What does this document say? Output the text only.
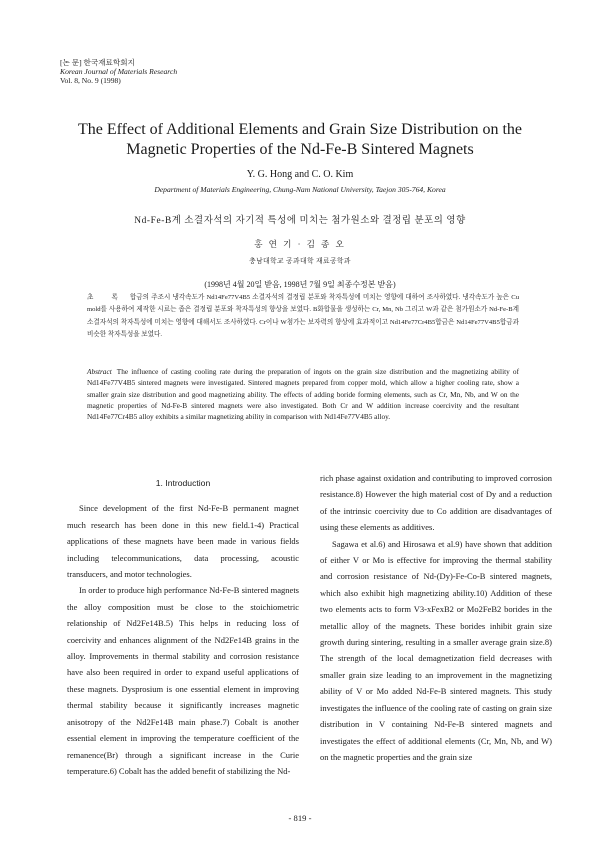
[논 문] 한국재료학회지
Korean Journal of Materials Research
Vol. 8, No. 9 (1998)
The Effect of Additional Elements and Grain Size Distribution on the
Magnetic Properties of the Nd-Fe-B Sintered Magnets
Y. G. Hong and C. O. Kim
Department of Materials Engineering, Chung-Nam National University, Taejon 305-764, Korea
Nd-Fe-B계 소결자석의 자기적 특성에 미치는 첨가원소와 결정립 분포의 영향
홍 연 기 · 김 종 오
충남대학교 공과대학 재료공학과
(1998년 4월 20일 받음, 1998년 7월 9일 최종수정본 받음)
초 록 합금의 주조시 냉각속도가 Nd14Fe77V4B5 소결자석의 결정립 분포와 착자특성에 미치는 영향에 대하여 조사하였다. 냉각속도가 높은 Cu mold를 사용하여 제작한 시료는 좁은 결정립 분포와 착자특성의 향상을 보였다. B화합물을 생성하는 Cr, Mn, Nb 그리고 W과 같은 첨가원소가 Nd-Fe-B계 소결자석의 착자특성에 미치는 영향에 대해서도 조사하였다. Cr이나 W첨가는 보자력의 향상에 효과적이고 Nd14Fe77Cr4B5합금은 Nd14Fe77V4B5합금과 비슷한 착자특성을 보였다.
Abstract The influence of casting cooling rate during the preparation of ingots on the grain size distribution and the magnetizing ability of Nd14Fe77V4B5 sintered magnets were investigated. Sintered magnets prepared from copper mold, which allow a higher cooling rate, show a smaller grain size distribution and good magnetizing ability. The effects of adding boride forming elements, such as Cr, Mn, Nb, and W on the magnetic properties of Nd-Fe-B sintered magnets were also investigated. Both Cr and W addition increase coercivity and the resultant Nd14Fe77Cr4B5 alloy exhibits a similar magnetizing ability in comparison with Nd14Fe77V4B5 alloy.
1. Introduction

Since development of the first Nd-Fe-B permanent magnet much research has been done in this new field.1-4) Practical applications of these magnets have been made in various fields including telecommunications, data processing, acoustic transducers, and motor technologies.

In order to produce high performance Nd-Fe-B sintered magnets the alloy composition must be close to the stoichiometric relationship of Nd2Fe14B.5) This helps in reducing loss of coercivity and enhances alignment of the Nd2Fe14B grains in the alloy. Improvements in thermal stability and corrosion resistance have also been required in order to expand useful applications of these magnets. Dysprosium is one essential element in improving thermal stability because it significantly increases magnetic anisotropy of the Nd2Fe14B main phase.7) Cobalt is another essential element in improving the temperature coefficient of the remanence(Br) through a significant increase in the Curie temperature.6) Cobalt has the added benefit of stabilizing the Nd-

rich phase against oxidation and contributing to improved corrosion resistance.8) However the high material cost of Dy and a reduction of the intrinsic coercivity due to Co addition are disadvantages of using these elements as additives.

Sagawa et al.6) and Hirosawa et al.9) have shown that addition of either V or Mo is effective for improving the thermal stability and corrosion resistance of Nd-(Dy)-Fe-Co-B sintered magnets, which also exhibit high magnetizing ability.10) Addition of these two elements acts to form V3-xFexB2 or Mo2FeB2 borides in the metallic alloy of the magnets. These borides inhibit grain size growth during sintering, resulting in a smaller average grain size.8) The strength of the local demagnetization field decreases with smaller grain size leading to an improvement in the magnetizing ability of V or Mo added Nd-Fe-B sintered magnets. This study investigates the influence of the cooling rate of casting on grain size distribution in V containing Nd-Fe-B sintered magnets and investigates the effect of additional elements (Cr, Mn, Nb, and W) on the magnetic properties and the grain size

- 819 -
